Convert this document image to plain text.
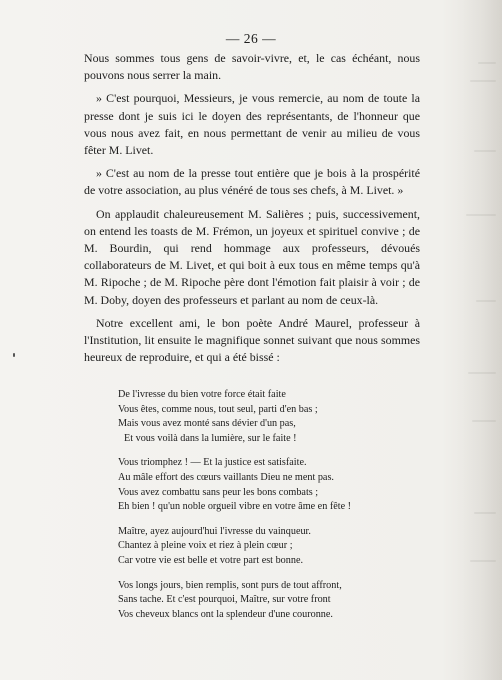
— 26 —

Nous sommes tous gens de savoir-vivre, et, le cas échéant, nous pouvons nous serrer la main.

» C'est pourquoi, Messieurs, je vous remercie, au nom de toute la presse dont je suis ici le doyen des représentants, de l'honneur que vous nous avez fait, en nous permettant de venir au milieu de vous fêter M. Livet.

» C'est au nom de la presse tout entière que je bois à la prospérité de votre association, au plus vénéré de tous ses chefs, à M. Livet. »

On applaudit chaleureusement M. Salières ; puis, successivement, on entend les toasts de M. Frémon, un joyeux et spirituel convive ; de M. Bourdin, qui rend hommage aux professeurs, dévoués collaborateurs de M. Livet, et qui boit à eux tous en même temps qu'à M. Ripoche ; de M. Ripoche père dont l'émotion fait plaisir à voir ; de M. Doby, doyen des professeurs et parlant au nom de ceux-là.

Notre excellent ami, le bon poète André Maurel, professeur à l'Institution, lit ensuite le magnifique sonnet suivant que nous sommes heureux de reproduire, et qui a été bissé :

De l'ivresse du bien votre force était faite
Vous êtes, comme nous, tout seul, parti d'en bas ;
Mais vous avez monté sans dévier d'un pas,
Et vous voilà dans la lumière, sur le faite !
Vous triomphez ! — Et la justice est satisfaite.
Au mâle effort des cœurs vaillants Dieu ne ment pas.
Vous avez combattu sans peur les bons combats ;
Eh bien ! qu'un noble orgueil vibre en votre âme en fête !
Maître, ayez aujourd'hui l'ivresse du vainqueur.
Chantez à pleine voix et riez à plein cœur ;
Car votre vie est belle et votre part est bonne.
Vos longs jours, bien remplis, sont purs de tout affront,
Sans tache. Et c'est pourquoi, Maître, sur votre front
Vos cheveux blancs ont la splendeur d'une couronne.
